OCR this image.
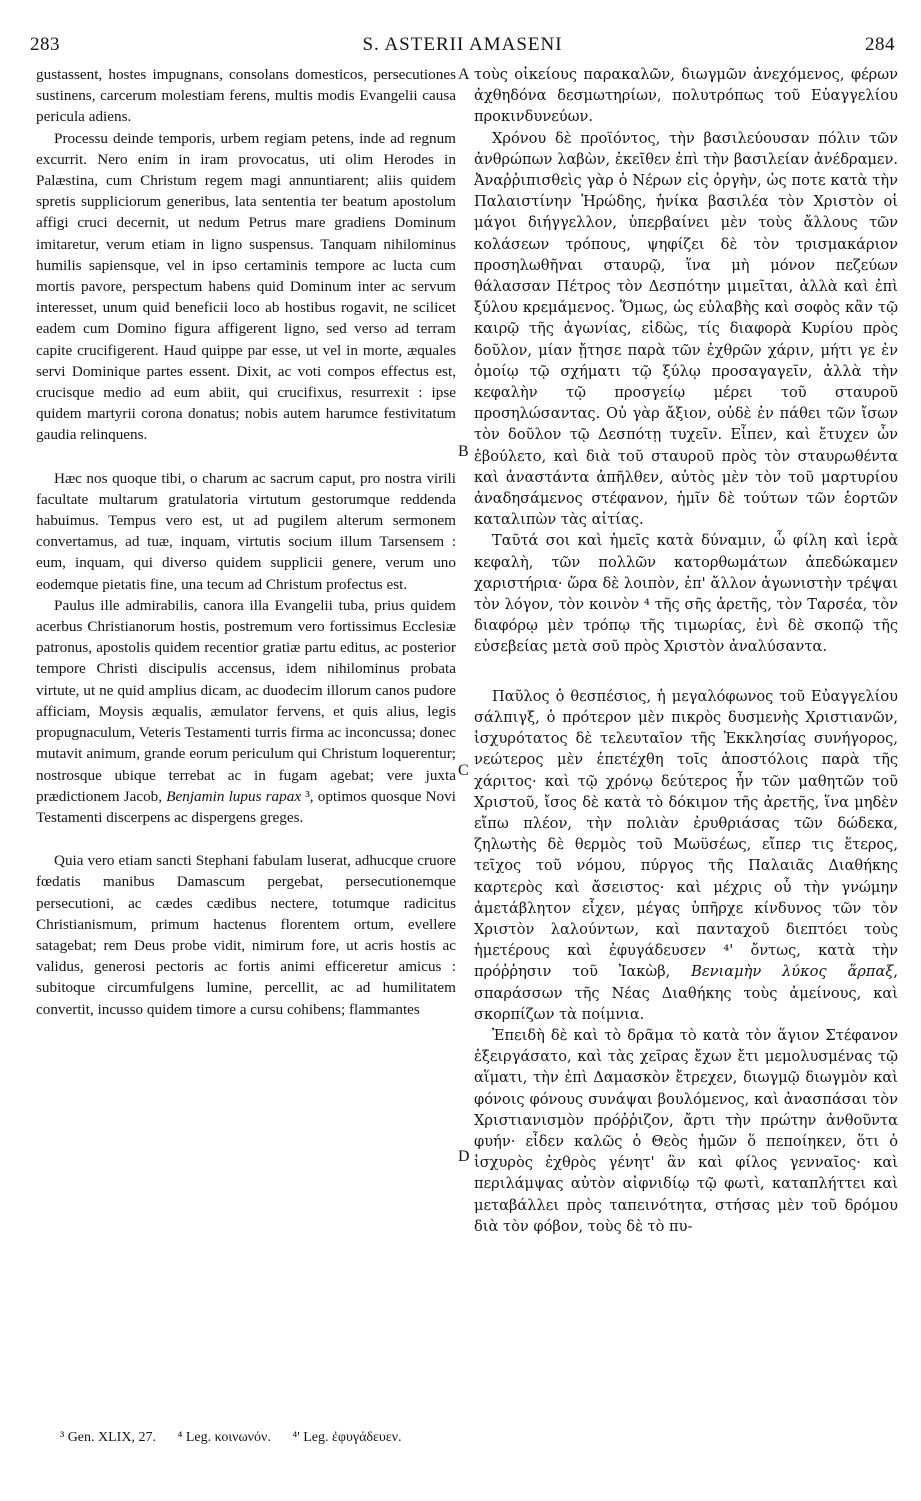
283	S. ASTERII AMASENI	284

gustassent, hostes impugnans, consolans domesticos, persecutiones sustinens, carcerum molestiam ferens, multis modis Evangelii causa pericula adiens.

Processu deinde temporis, urbem regiam petens, inde ad regnum excurrit. Nero enim in iram provocatus, uti olim Herodes in Palæstina, cum Christum regem magi annuntiarent; aliis quidem spretis suppliciorum generibus, lata sententia ter beatum apostolum affigi cruci decernit, ut nedum Petrus mare gradiens Dominum imitaretur, verum etiam in ligno suspensus. Tanquam nihilominus humilis sapiensque, vel in ipso certaminis tempore ac lucta cum mortis pavore, perspectum habens quid Dominum inter ac servum interesset, unum quid beneficii loco ab hostibus rogavit, ne scilicet eadem cum Domino figura affigerent ligno, sed verso ad terram capite crucifigerent. Haud quippe par esse, ut vel in morte, æquales servi Dominique partes essent. Dixit, ac voti compos effectus est, crucisque medio ad eum abiit, qui crucifixus, resurrexit : ipse quidem martyrii corona donatus; nobis autem harumce festivitatum gaudia relinquens.

Hæc nos quoque tibi, o charum ac sacrum caput, pro nostra virili facultate multarum gratulatoria virtutum gestorumque reddenda habuimus. Tempus vero est, ut ad pugilem alterum sermonem convertamus, ad tuæ, inquam, virtutis socium illum Tarsensem : eum, inquam, qui diverso quidem supplicii genere, verum uno eodemque pietatis fine, una tecum ad Christum profectus est.

Paulus ille admirabilis, canora illa Evangelii tuba, prius quidem acerbus Christianorum hostis, postremum vero fortissimus Ecclesiæ patronus, apostolis quidem recentior gratiæ partu editus, ac posterior tempore Christi discipulis accensus, idem nihilominus probata virtute, ut ne quid amplius dicam, ac duodecim illorum canos pudore afficiam, Moysis æqualis, æmulator fervens, et quis alius, legis propugnaculum, Veteris Testamenti turris firma ac inconcussa; donec mutavit animum, grande eorum periculum qui Christum loquerentur; nostrosque ubique terrebat ac in fugam agebat; vere juxta prædictionem Jacob, Benjamin lupus rapax ³, optimos quosque Novi Testamenti discerpens ac dispergens greges.

Quia vero etiam sancti Stephani fabulam luserat, adhucque cruore fœdatis manibus Damascum pergebat, persecutionemque persecutioni, ac cædes cædibus nectere, totumque radicitus Christianismum, primum hactenus florentem ortum, evellere satagebat; rem Deus probe vidit, nimirum fore, ut acris hostis ac validus, generosi pectoris ac fortis animi efficeretur amicus : subitoque circumfulgens lumine, percellit, ac ad humilitatem convertit, incusso quidem timore a cursu cohibens; flammantes

A
B
C
D

τοὺς οἰκείους παρακαλῶν, διωγμῶν ἀνεχόμενος, φέρων ἀχθηδόνα δεσμωτηρίων, πολυτρόπως τοῦ Εὐαγγελίου προκινδυνεύων.

Χρόνου δὲ προϊόντος, τὴν βασιλεύουσαν πόλιν τῶν ἀνθρώπων λαβὼν, ἐκεῖθεν ἐπὶ τὴν βασιλείαν ἀνέδραμεν. Ἀναῤῥιπισθεὶς γὰρ ὁ Νέρων εἰς ὀργὴν, ὡς ποτε κατὰ τὴν Παλαιστίνην Ἡρώδης, ἡνίκα βασιλέα τὸν Χριστὸν οἱ μάγοι διήγγελλον, ὑπερβαίνει μὲν τοὺς ἄλλους τῶν κολάσεων τρόπους, ψηφίζει δὲ τὸν τρισμακάριον προσηλωθῆναι σταυρῷ, ἵνα μὴ μόνον πεζεύων θάλασσαν Πέτρος τὸν Δεσπότην μιμεῖται, ἀλλὰ καὶ ἐπὶ ξύλου κρεμάμενος. Ὅμως, ὡς εὐλαβὴς καὶ σοφὸς κἂν τῷ καιρῷ τῆς ἀγωνίας, εἰδὼς, τίς διαφορὰ Κυρίου πρὸς δοῦλον, μίαν ᾔτησε παρὰ τῶν ἐχθρῶν χάριν, μήτι γε ἐν ὁμοίῳ τῷ σχήματι τῷ ξύλῳ προσαγαγεῖν, ἀλλὰ τὴν κεφαλὴν τῷ προσγείῳ μέρει τοῦ σταυροῦ προσηλώσαντας. Οὐ γὰρ ἄξιον, οὐδὲ ἐν πάθει τῶν ἴσων τὸν δοῦλον τῷ Δεσπότῃ τυχεῖν. Εἶπεν, καὶ ἔτυχεν ὧν ἐβούλετο, καὶ διὰ τοῦ σταυροῦ πρὸς τὸν σταυρωθέντα καὶ ἀναστάντα ἀπῆλθεν, αὐτὸς μὲν τὸν τοῦ μαρτυρίου ἀναδησάμενος στέφανον, ἡμῖν δὲ τούτων τῶν ἑορτῶν καταλιπὼν τὰς αἰτίας.

Ταῦτά σοι καὶ ἡμεῖς κατὰ δύναμιν, ὦ φίλη καὶ ἱερὰ κεφαλὴ, τῶν πολλῶν κατορθωμάτων ἀπεδώκαμεν χαριστήρια· ὥρα δὲ λοιπὸν, ἐπ' ἄλλον ἀγωνιστὴν τρέψαι τὸν λόγον, τὸν κοινὸν ⁴ τῆς σῆς ἀρετῆς, τὸν Ταρσέα, τὸν διαφόρῳ μὲν τρόπῳ τῆς τιμωρίας, ἐνὶ δὲ σκοπῷ τῆς εὐσεβείας μετὰ σοῦ πρὸς Χριστὸν ἀναλύσαντα.

Παῦλος ὁ θεσπέσιος, ἡ μεγαλόφωνος τοῦ Εὐαγγελίου σάλπιγξ, ὁ πρότερον μὲν πικρὸς δυσμενὴς Χριστιανῶν, ἰσχυρότατος δὲ τελευταῖον τῆς Ἐκκλησίας συνήγορος, νεώτερος μὲν ἐπετέχθη τοῖς ἀποστόλοις παρὰ τῆς χάριτος· καὶ τῷ χρόνῳ δεύτερος ἦν τῶν μαθητῶν τοῦ Χριστοῦ, ἴσος δὲ κατὰ τὸ δόκιμον τῆς ἀρετῆς, ἵνα μηδὲν εἴπω πλέον, τὴν πολιὰν ἐρυθριάσας τῶν δώδεκα, ζηλωτὴς δὲ θερμὸς τοῦ Μωϋσέως, εἴπερ τις ἕτερος, τεῖχος τοῦ νόμου, πύργος τῆς Παλαιᾶς Διαθήκης καρτερὸς καὶ ἄσειστος· καὶ μέχρις οὗ τὴν γνώμην ἀμετάβλητον εἶχεν, μέγας ὑπῆρχε κίνδυνος τῶν τὸν Χριστὸν λαλούντων, καὶ πανταχοῦ διεπτόει τοὺς ἡμετέρους καὶ ἐφυγάδευσεν ⁴' ὄντως, κατὰ τὴν πρόῤῥησιν τοῦ Ἰακὼβ, Βενιαμὴν λύκος ἅρπαξ, σπαράσσων τῆς Νέας Διαθήκης τοὺς ἀμείνους, καὶ σκορπίζων τὰ ποίμνια.

Ἐπειδὴ δὲ καὶ τὸ δρᾶμα τὸ κατὰ τὸν ἅγιον Στέφανον ἐξειργάσατο, καὶ τὰς χεῖρας ἔχων ἔτι μεμολυσμένας τῷ αἵματι, τὴν ἐπὶ Δαμασκὸν ἔτρεχεν, διωγμῷ διωγμὸν καὶ φόνοις φόνους συνάψαι βουλόμενος, καὶ ἀνασπάσαι τὸν Χριστιανισμὸν πρόῤῥιζον, ἄρτι τὴν πρώτην ἀνθοῦντα φυήν· εἶδεν καλῶς ὁ Θεὸς ἡμῶν ὅ πεποίηκεν, ὅτι ὁ ἰσχυρὸς ἐχθρὸς γένητ' ἂν καὶ φίλος γενναῖος· καὶ περιλάμψας αὐτὸν αἰφνιδίῳ τῷ φωτὶ, καταπλήττει καὶ μεταβάλλει πρὸς ταπεινότητα, στήσας μὲν τοῦ δρόμου διὰ τὸν φόβον, τοὺς δὲ τὸ πυ-

³ Gen. XLIX, 27. ⁴ Leg. κοινωνόν. ⁴' Leg. ἐφυγάδευεν.
